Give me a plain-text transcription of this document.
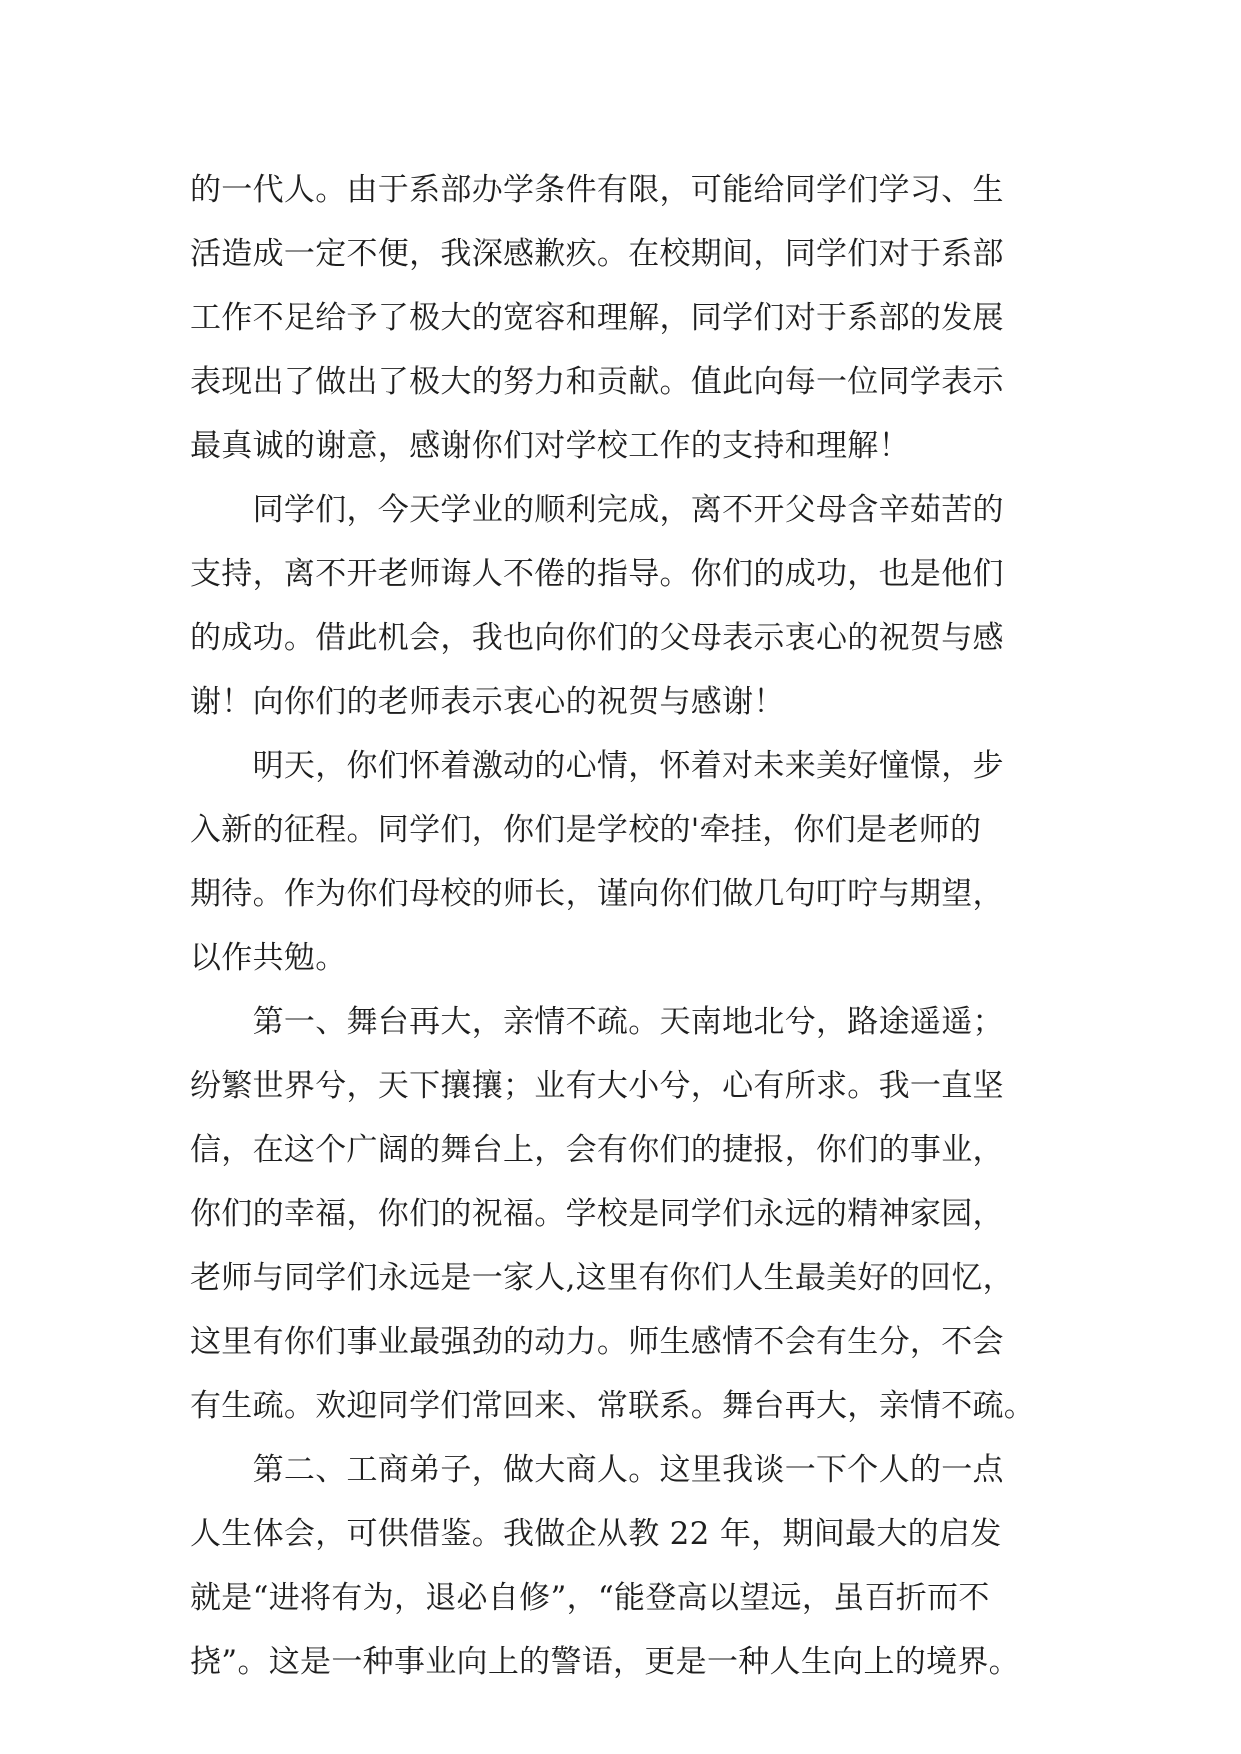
的一代人。由于系部办学条件有限，可能给同学们学习、生
活造成一定不便，我深感歉疚。在校期间，同学们对于系部
工作不足给予了极大的宽容和理解，同学们对于系部的发展
表现出了做出了极大的努力和贡献。值此向每一位同学表示
最真诚的谢意，感谢你们对学校工作的支持和理解！
　　同学们，今天学业的顺利完成，离不开父母含辛茹苦的
支持，离不开老师诲人不倦的指导。你们的成功，也是他们
的成功。借此机会，我也向你们的父母表示衷心的祝贺与感
谢！向你们的老师表示衷心的祝贺与感谢！
　　明天，你们怀着激动的心情，怀着对未来美好憧憬，步
入新的征程。同学们，你们是学校的'牵挂，你们是老师的
期待。作为你们母校的师长，谨向你们做几句叮咛与期望，
以作共勉。
　　第一、舞台再大，亲情不疏。天南地北兮，路途遥遥；
纷繁世界兮，天下攘攘；业有大小兮，心有所求。我一直坚
信，在这个广阔的舞台上，会有你们的捷报，你们的事业，
你们的幸福，你们的祝福。学校是同学们永远的精神家园，
老师与同学们永远是一家人,这里有你们人生最美好的回忆，
这里有你们事业最强劲的动力。师生感情不会有生分，不会
有生疏。欢迎同学们常回来、常联系。舞台再大，亲情不疏。
　　第二、工商弟子，做大商人。这里我谈一下个人的一点
人生体会，可供借鉴。我做企从教 22 年，期间最大的启发
就是“进将有为，退必自修”，“能登高以望远，虽百折而不
挠”。这是一种事业向上的警语，更是一种人生向上的境界。
